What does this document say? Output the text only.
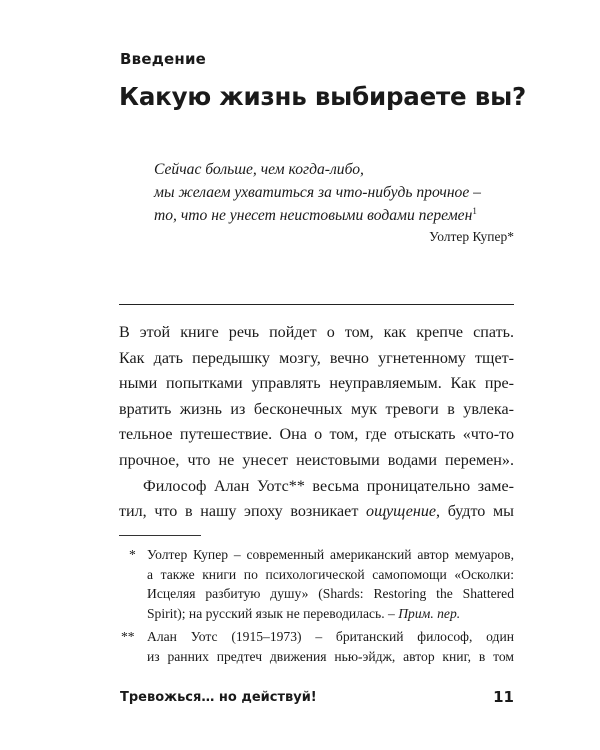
Введение
Какую жизнь выбираете вы?
Сейчас больше, чем когда-либо,
мы желаем ухватиться за что-нибудь прочное –
то, что не унесет неистовыми водами перемен$^1$
Уолтер Купер*
В этой книге речь пойдет о том, как крепче спать.
Как дать передышку мозгу, вечно угнетенному тщет-
ными попытками управлять неуправляемым. Как пре-
вратить жизнь из бесконечных мук тревоги в увлека-
тельное путешествие. Она о том, где отыскать «что-то
прочное, что не унесет неистовыми водами перемен».
Философ Алан Уотс** весьма проницательно заме-
тил, что в нашу эпоху возникает ощущение, будто мы
* Уолтер Купер – современный американский автор мемуаров,
а также книги по психологической самопомощи «Осколки:
Исцеляя разбитую душу» (Shards: Restoring the Shattered
Spirit); на русский язык не переводилась. – Прим. пер.
** Алан Уотс (1915–1973) – британский философ, один
из ранних предтеч движения нью-эйдж, автор книг, в том
Тревожься… но действуй!	11
